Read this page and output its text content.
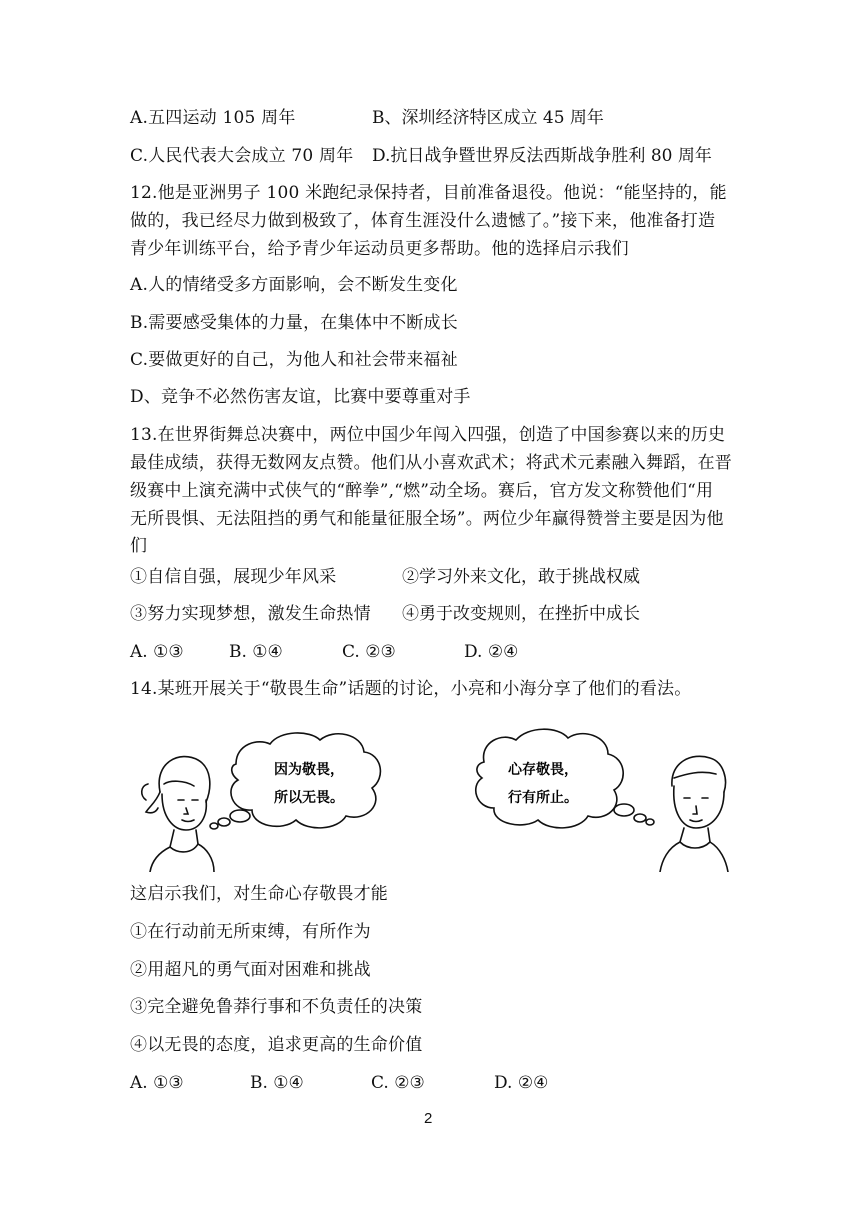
A.五四运动 105 周年	B、深圳经济特区成立 45 周年
C.人民代表大会成立 70 周年 D.抗日战争暨世界反法西斯战争胜利 80 周年
12.他是亚洲男子 100 米跑纪录保持者，目前准备退役。他说：“能坚持的，能
做的，我已经尽力做到极致了，体育生涯没什么遗憾了。”接下来，他准备打造
青少年训练平台，给予青少年运动员更多帮助。他的选择启示我们
A.人的情绪受多方面影响，会不断发生变化
B.需要感受集体的力量，在集体中不断成长
C.要做更好的自己，为他人和社会带来福祉
D、竞争不必然伤害友谊，比赛中要尊重对手
13.在世界街舞总决赛中，两位中国少年闯入四强，创造了中国参赛以来的历史
最佳成绩，获得无数网友点赞。他们从小喜欢武术；将武术元素融入舞蹈，在晋
级赛中上演充满中式侠气的“醉拳”,“燃”动全场。赛后，官方发文称赞他们“用
无所畏惧、无法阻挡的勇气和能量征服全场”。两位少年赢得赞誉主要是因为他
们
①自信自强，展现少年风采	②学习外来文化，敢于挑战权威
③努力实现梦想，激发生命热情 ④勇于改变规则，在挫折中成长
A. ①③	B. ①④	C. ②③	D. ②④
14.某班开展关于“敬畏生命”话题的讨论，小亮和小海分享了他们的看法。
因为敬畏，
所以无畏。
心存敬畏，
行有所止。
这启示我们，对生命心存敬畏才能
①在行动前无所束缚，有所作为
②用超凡的勇气面对困难和挑战
③完全避免鲁莽行事和不负责任的决策
④以无畏的态度，追求更高的生命价值
A. ①③	B. ①④	C. ②③	D. ②④
2
